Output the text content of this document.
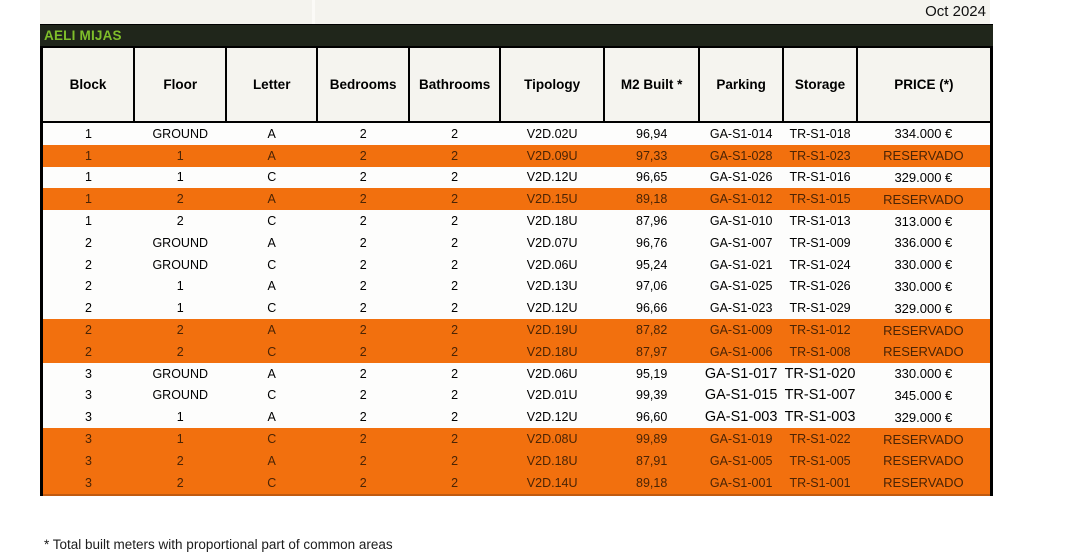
Oct 2024
AELI MIJAS
Block	Floor	Letter	Bedrooms	Bathrooms	Tipology	M2 Built *	Parking	Storage	PRICE (*)
1	GROUND	A	2	2	V2D.02U	96,94	GA-S1-014	TR-S1-018	334.000 €
1	1	A	2	2	V2D.09U	97,33	GA-S1-028	TR-S1-023	RESERVADO
1	1	C	2	2	V2D.12U	96,65	GA-S1-026	TR-S1-016	329.000 €
1	2	A	2	2	V2D.15U	89,18	GA-S1-012	TR-S1-015	RESERVADO
1	2	C	2	2	V2D.18U	87,96	GA-S1-010	TR-S1-013	313.000 €
2	GROUND	A	2	2	V2D.07U	96,76	GA-S1-007	TR-S1-009	336.000 €
2	GROUND	C	2	2	V2D.06U	95,24	GA-S1-021	TR-S1-024	330.000 €
2	1	A	2	2	V2D.13U	97,06	GA-S1-025	TR-S1-026	330.000 €
2	1	C	2	2	V2D.12U	96,66	GA-S1-023	TR-S1-029	329.000 €
2	2	A	2	2	V2D.19U	87,82	GA-S1-009	TR-S1-012	RESERVADO
2	2	C	2	2	V2D.18U	87,97	GA-S1-006	TR-S1-008	RESERVADO
3	GROUND	A	2	2	V2D.06U	95,19	GA-S1-017	TR-S1-020	330.000 €
3	GROUND	C	2	2	V2D.01U	99,39	GA-S1-015	TR-S1-007	345.000 €
3	1	A	2	2	V2D.12U	96,60	GA-S1-003	TR-S1-003	329.000 €
3	1	C	2	2	V2D.08U	99,89	GA-S1-019	TR-S1-022	RESERVADO
3	2	A	2	2	V2D.18U	87,91	GA-S1-005	TR-S1-005	RESERVADO
3	2	C	2	2	V2D.14U	89,18	GA-S1-001	TR-S1-001	RESERVADO
* Total built meters with proportional part of common areas
